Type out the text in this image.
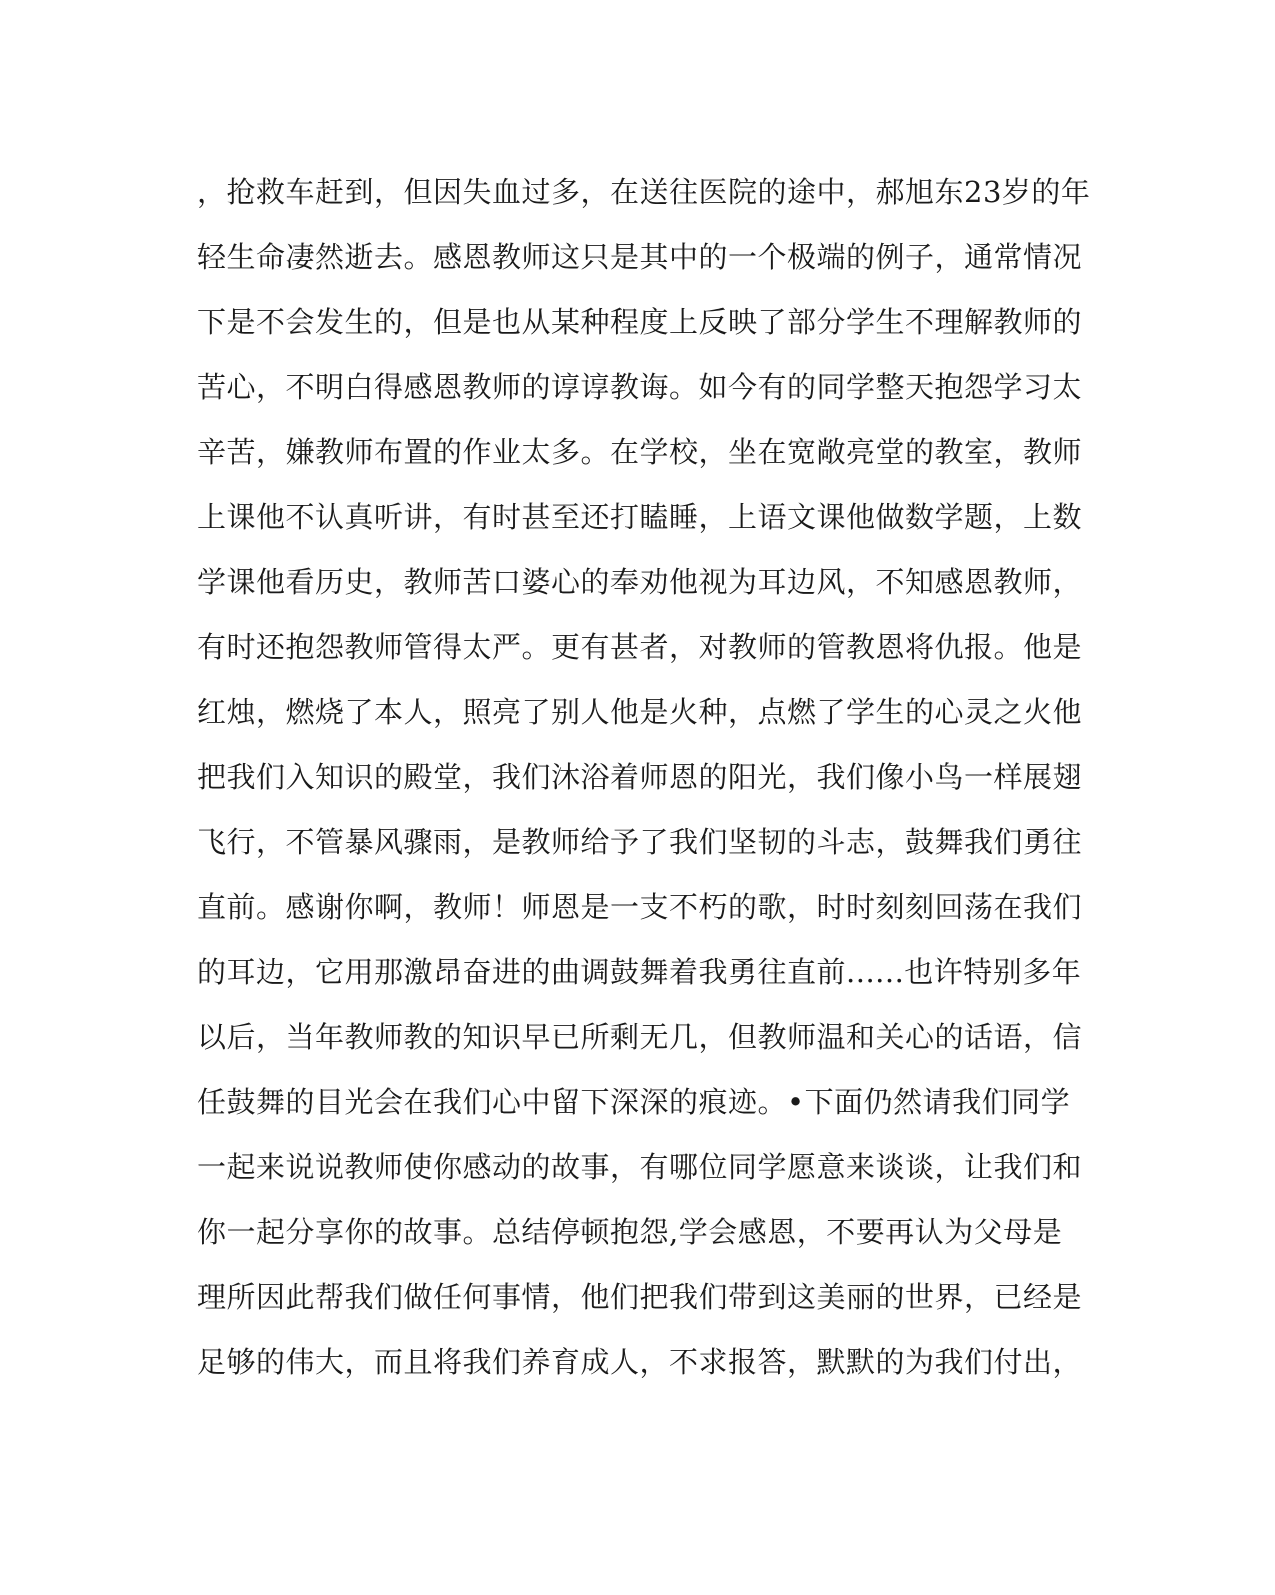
，抢救车赶到，但因失血过多，在送往医院的途中，郝旭东23岁的年
轻生命凄然逝去。感恩教师这只是其中的一个极端的例子，通常情况
下是不会发生的，但是也从某种程度上反映了部分学生不理解教师的
苦心，不明白得感恩教师的谆谆教诲。如今有的同学整天抱怨学习太
辛苦，嫌教师布置的作业太多。在学校，坐在宽敞亮堂的教室，教师
上课他不认真听讲，有时甚至还打瞌睡，上语文课他做数学题，上数
学课他看历史，教师苦口婆心的奉劝他视为耳边风，不知感恩教师，
有时还抱怨教师管得太严。更有甚者，对教师的管教恩将仇报。他是
红烛，燃烧了本人，照亮了别人他是火种，点燃了学生的心灵之火他
把我们入知识的殿堂，我们沐浴着师恩的阳光，我们像小鸟一样展翅
飞行，不管暴风骤雨，是教师给予了我们坚韧的斗志，鼓舞我们勇往
直前。感谢你啊，教师！师恩是一支不朽的歌，时时刻刻回荡在我们
的耳边，它用那激昂奋进的曲调鼓舞着我勇往直前......也许特别多年
以后，当年教师教的知识早已所剩无几，但教师温和关心的话语，信
任鼓舞的目光会在我们心中留下深深的痕迹。•下面仍然请我们同学
一起来说说教师使你感动的故事，有哪位同学愿意来谈谈，让我们和
你一起分享你的故事。总结停顿抱怨,学会感恩，不要再认为父母是
理所因此帮我们做任何事情，他们把我们带到这美丽的世界，已经是
足够的伟大，而且将我们养育成人，不求报答，默默的为我们付出，
